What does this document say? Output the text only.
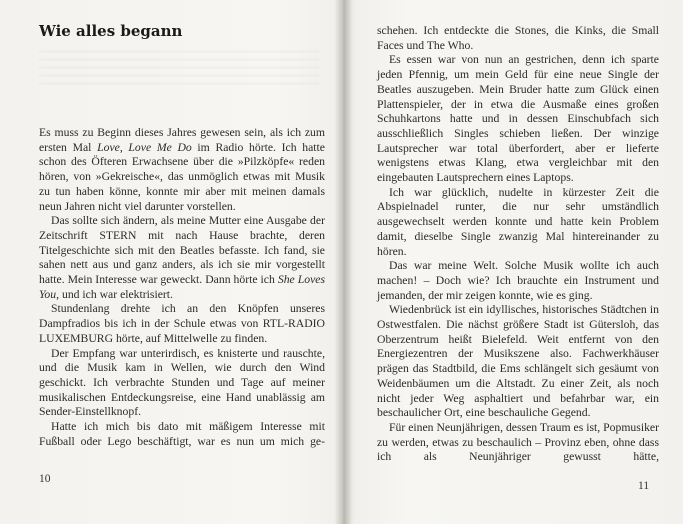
Wie alles begann

Es muss zu Beginn dieses Jahres gewesen sein, als ich zum ersten Mal Love, Love Me Do im Radio hörte. Ich hatte schon des Öfteren Erwachsene über die »Pilzköpfe« reden hören, von »Gekreische«, das unmöglich etwas mit Musik zu tun haben könne, konnte mir aber mit meinen damals neun Jahren nicht viel darunter vorstellen.

Das sollte sich ändern, als meine Mutter eine Ausgabe der Zeitschrift STERN mit nach Hause brachte, deren Titelgeschichte sich mit den Beatles befasste. Ich fand, sie sahen nett aus und ganz anders, als ich sie mir vorgestellt hatte. Mein Interesse war geweckt. Dann hörte ich She Loves You, und ich war elektrisiert.

Stundenlang drehte ich an den Knöpfen unseres Dampfradios bis ich in der Schule etwas von RTL-RADIO LUXEMBURG hörte, auf Mittelwelle zu finden.

Der Empfang war unterirdisch, es knisterte und rauschte, und die Musik kam in Wellen, wie durch den Wind geschickt. Ich verbrachte Stunden und Tage auf meiner musikalischen Entdeckungsreise, eine Hand unablässig am Sender-Einstellknopf.

Hatte ich mich bis dato mit mäßigem Interesse mit Fußball oder Lego beschäftigt, war es nun um mich ge-

10

schehen. Ich entdeckte die Stones, die Kinks, die Small Faces und The Who.

Es essen war von nun an gestrichen, denn ich sparte jeden Pfennig, um mein Geld für eine neue Single der Beatles auszugeben. Mein Bruder hatte zum Glück einen Plattenspieler, der in etwa die Ausmaße eines großen Schuhkartons hatte und in dessen Einschubfach sich ausschließlich Singles schieben ließen. Der winzige Lautsprecher war total überfordert, aber er lieferte wenigstens etwas Klang, etwa vergleichbar mit den eingebauten Lautsprechern eines Laptops.

Ich war glücklich, nudelte in kürzester Zeit die Abspielnadel runter, die nur sehr umständlich ausgewechselt werden konnte und hatte kein Problem damit, dieselbe Single zwanzig Mal hintereinander zu hören.

Das war meine Welt. Solche Musik wollte ich auch machen! – Doch wie? Ich brauchte ein Instrument und jemanden, der mir zeigen konnte, wie es ging.

Wiedenbrück ist ein idyllisches, historisches Städtchen in Ostwestfalen. Die nächst größere Stadt ist Gütersloh, das Oberzentrum heißt Bielefeld. Weit entfernt von den Energiezentren der Musikszene also. Fachwerkhäuser prägen das Stadtbild, die Ems schlängelt sich gesäumt von Weidenbäumen um die Altstadt. Zu einer Zeit, als noch nicht jeder Weg asphaltiert und befahrbar war, ein beschaulicher Ort, eine beschauliche Gegend.

Für einen Neunjährigen, dessen Traum es ist, Popmusiker zu werden, etwas zu beschaulich – Provinz eben, ohne dass ich als Neunjähriger gewusst hätte,

11
